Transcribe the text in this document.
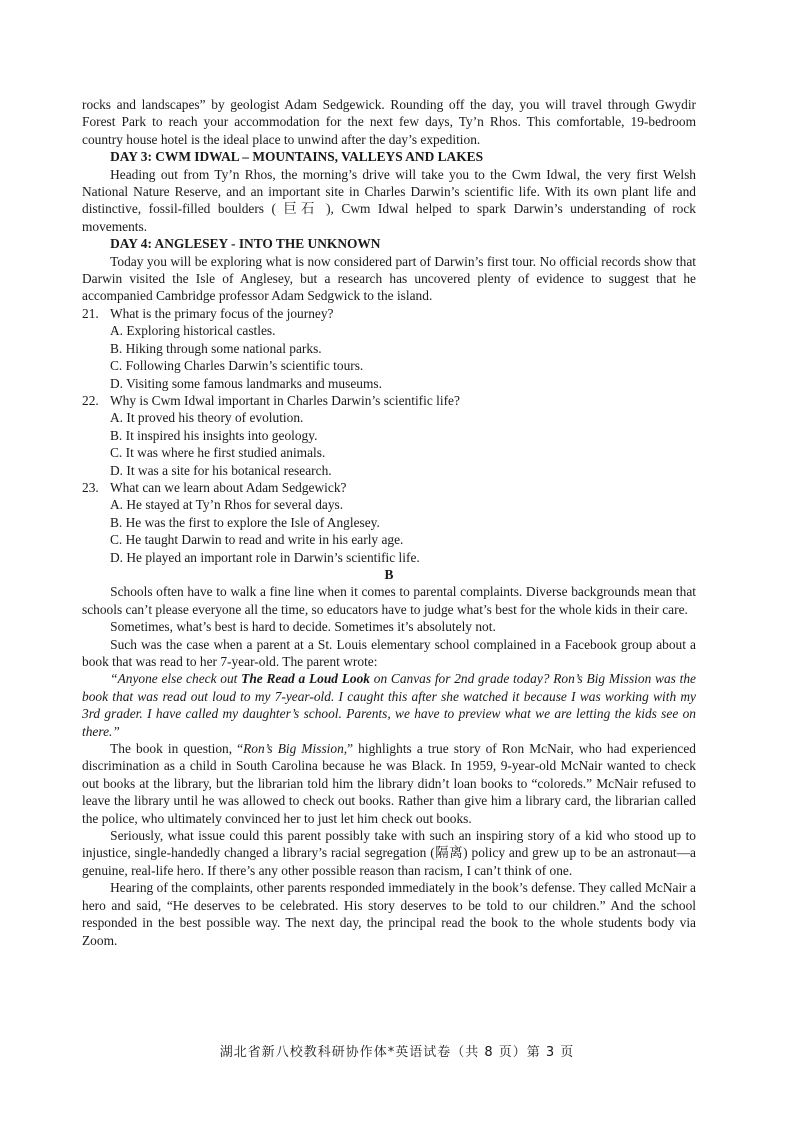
rocks and landscapes” by geologist Adam Sedgewick. Rounding off the day, you will travel through Gwydir Forest Park to reach your accommodation for the next few days, Ty’n Rhos. This comfortable, 19-bedroom country house hotel is the ideal place to unwind after the day’s expedition.

DAY 3: CWM IDWAL – MOUNTAINS, VALLEYS AND LAKES

Heading out from Ty’n Rhos, the morning’s drive will take you to the Cwm Idwal, the very first Welsh National Nature Reserve, and an important site in Charles Darwin’s scientific life. With its own plant life and distinctive, fossil-filled boulders ( 巨石 ), Cwm Idwal helped to spark Darwin’s understanding of rock movements.

DAY 4: ANGLESEY - INTO THE UNKNOWN

Today you will be exploring what is now considered part of Darwin’s first tour. No official records show that Darwin visited the Isle of Anglesey, but a research has uncovered plenty of evidence to suggest that he accompanied Cambridge professor Adam Sedgwick to the island.

21. What is the primary focus of the journey?
A. Exploring historical castles.
B. Hiking through some national parks.
C. Following Charles Darwin’s scientific tours.
D. Visiting some famous landmarks and museums.
22. Why is Cwm Idwal important in Charles Darwin’s scientific life?
A. It proved his theory of evolution.
B. It inspired his insights into geology.
C. It was where he first studied animals.
D. It was a site for his botanical research.
23. What can we learn about Adam Sedgewick?
A. He stayed at Ty’n Rhos for several days.
B. He was the first to explore the Isle of Anglesey.
C. He taught Darwin to read and write in his early age.
D. He played an important role in Darwin’s scientific life.

B

Schools often have to walk a fine line when it comes to parental complaints. Diverse backgrounds mean that schools can’t please everyone all the time, so educators have to judge what’s best for the whole kids in their care.

Sometimes, what’s best is hard to decide. Sometimes it’s absolutely not.

Such was the case when a parent at a St. Louis elementary school complained in a Facebook group about a book that was read to her 7-year-old. The parent wrote:

“Anyone else check out The Read a Loud Look on Canvas for 2nd grade today? Ron’s Big Mission was the book that was read out loud to my 7-year-old. I caught this after she watched it because I was working with my 3rd grader. I have called my daughter’s school. Parents, we have to preview what we are letting the kids see on there.”

The book in question, “Ron’s Big Mission,” highlights a true story of Ron McNair, who had experienced discrimination as a child in South Carolina because he was Black. In 1959, 9-year-old McNair wanted to check out books at the library, but the librarian told him the library didn’t loan books to “coloreds.” McNair refused to leave the library until he was allowed to check out books. Rather than give him a library card, the librarian called the police, who ultimately convinced her to just let him check out books.

Seriously, what issue could this parent possibly take with such an inspiring story of a kid who stood up to injustice, single-handedly changed a library’s racial segregation (隔离) policy and grew up to be an astronaut—a genuine, real-life hero. If there’s any other possible reason than racism, I can’t think of one.

Hearing of the complaints, other parents responded immediately in the book’s defense. They called McNair a hero and said, “He deserves to be celebrated. His story deserves to be told to our children.” And the school responded in the best possible way. The next day, the principal read the book to the whole students body via Zoom.

湖北省新八校教科研协作体*英语试卷（共 8 页）第 3 页
